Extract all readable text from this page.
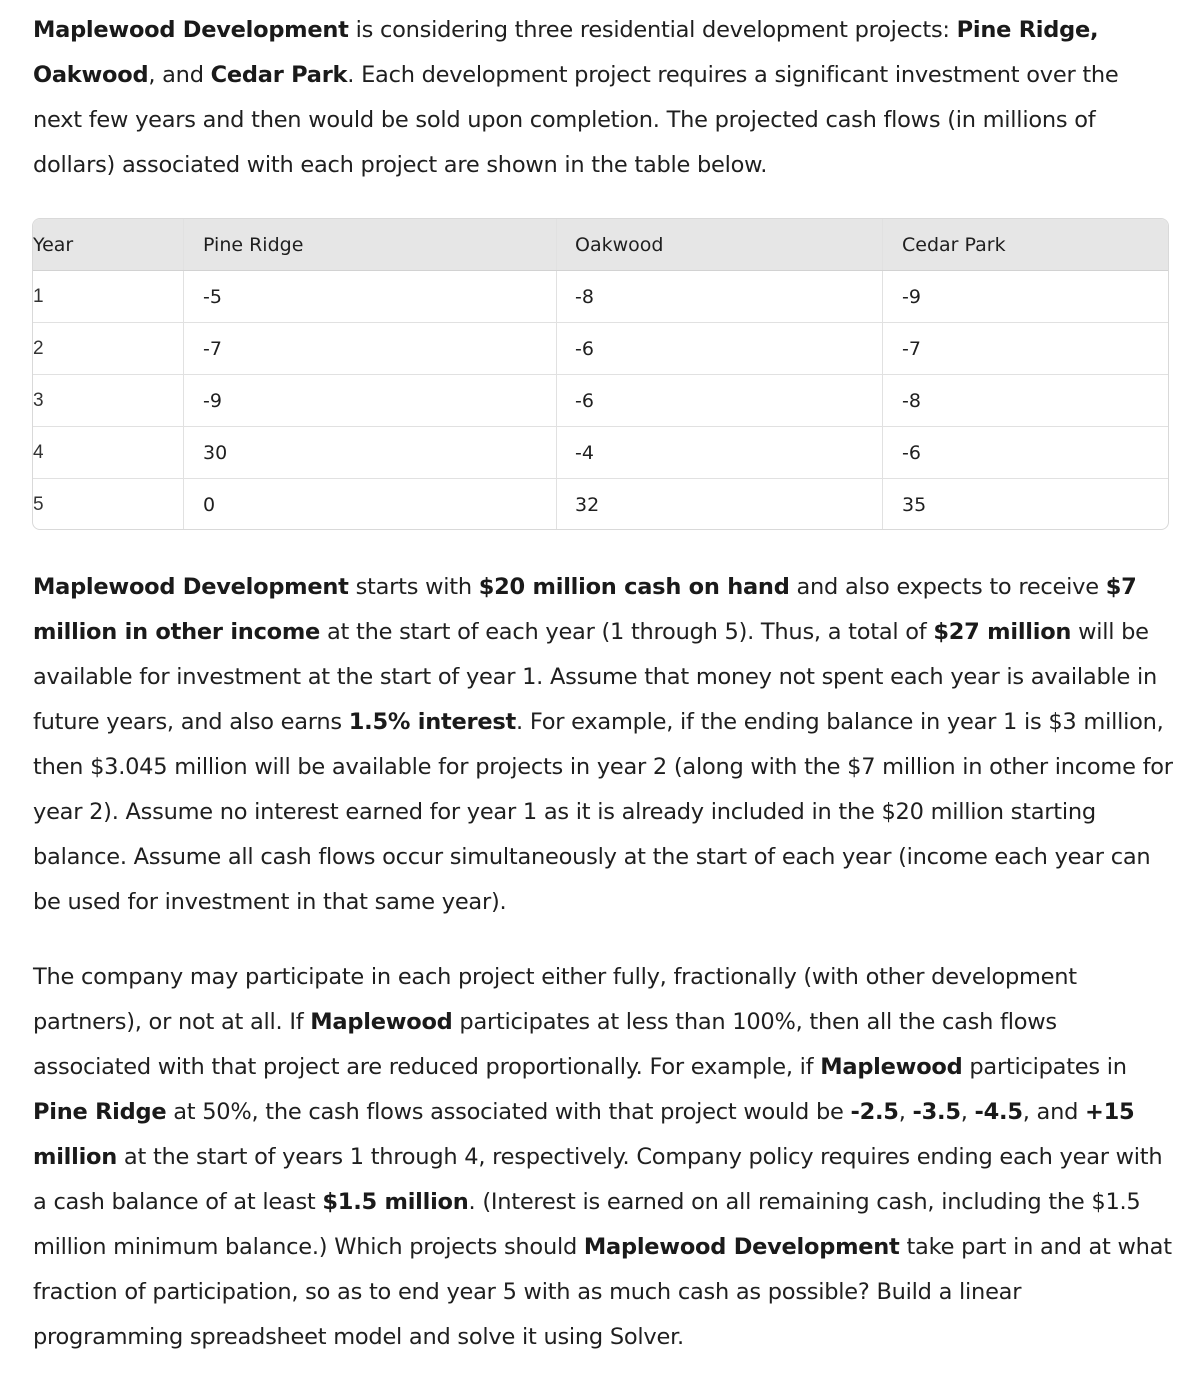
Maplewood Development is considering three residential development projects: Pine Ridge, Oakwood, and Cedar Park. Each development project requires a significant investment over the next few years and then would be sold upon completion. The projected cash flows (in millions of dollars) associated with each project are shown in the table below.

Year	Pine Ridge	Oakwood	Cedar Park
1	-5	-8	-9
2	-7	-6	-7
3	-9	-6	-8
4	30	-4	-6
5	0	32	35

Maplewood Development starts with $20 million cash on hand and also expects to receive $7 million in other income at the start of each year (1 through 5). Thus, a total of $27 million will be available for investment at the start of year 1. Assume that money not spent each year is available in future years, and also earns 1.5% interest. For example, if the ending balance in year 1 is $3 million, then $3.045 million will be available for projects in year 2 (along with the $7 million in other income for year 2). Assume no interest earned for year 1 as it is already included in the $20 million starting balance. Assume all cash flows occur simultaneously at the start of each year (income each year can be used for investment in that same year).

The company may participate in each project either fully, fractionally (with other development partners), or not at all. If Maplewood participates at less than 100%, then all the cash flows associated with that project are reduced proportionally. For example, if Maplewood participates in Pine Ridge at 50%, the cash flows associated with that project would be -2.5, -3.5, -4.5, and +15 million at the start of years 1 through 4, respectively. Company policy requires ending each year with a cash balance of at least $1.5 million. (Interest is earned on all remaining cash, including the $1.5 million minimum balance.) Which projects should Maplewood Development take part in and at what fraction of participation, so as to end year 5 with as much cash as possible? Build a linear programming spreadsheet model and solve it using Solver.
